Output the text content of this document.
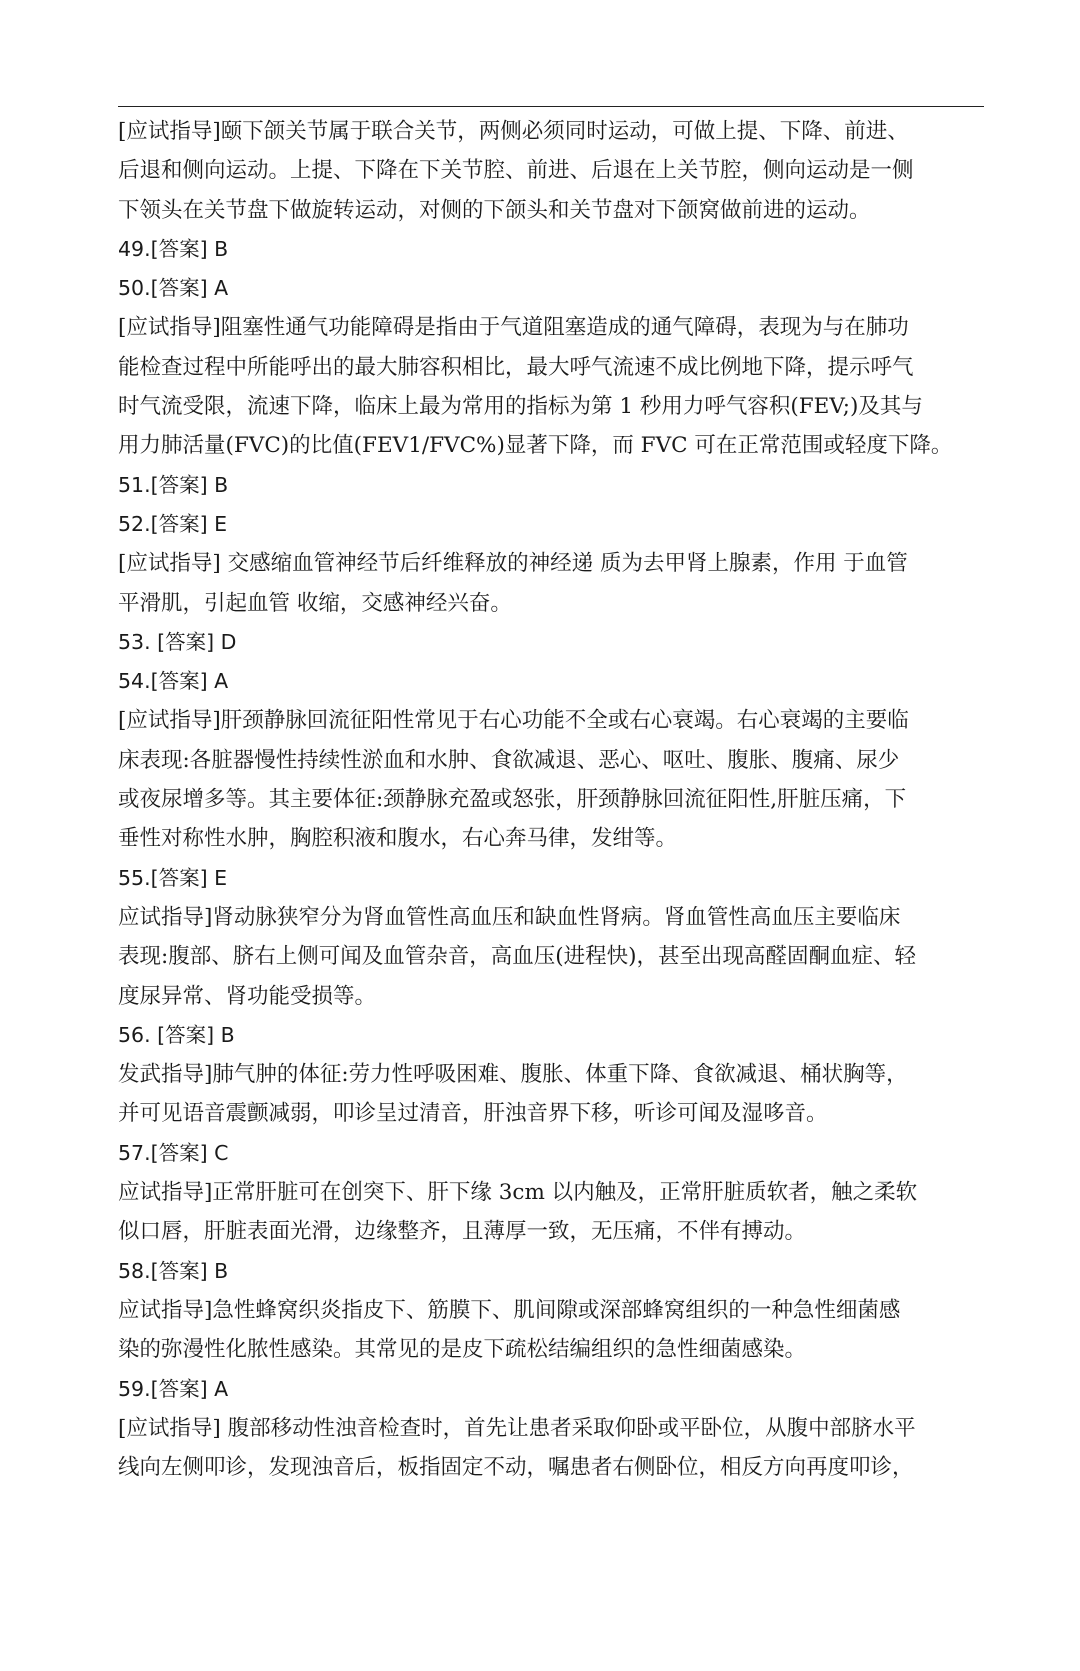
[应试指导]颐下颌关节属于联合关节，两侧必须同时运动，可做上提、下降、前进、
后退和侧向运动。上提、下降在下关节腔、前进、后退在上关节腔，侧向运动是一侧
下领头在关节盘下做旋转运动，对侧的下颌头和关节盘对下颌窝做前进的运动。
49.[答案] B
50.[答案] A
[应试指导]阻塞性通气功能障碍是指由于气道阻塞造成的通气障碍，表现为与在肺功
能检查过程中所能呼出的最大肺容积相比，最大呼气流速不成比例地下降，提示呼气
时气流受限，流速下降，临床上最为常用的指标为第 1 秒用力呼气容积(FEV;)及其与
用力肺活量(FVC)的比值(FEV1/FVC%)显著下降，而 FVC 可在正常范围或轻度下降。
51.[答案] B
52.[答案] E
[应试指导] 交感缩血管神经节后纤维释放的神经递 质为去甲肾上腺素，作用 于血管
平滑肌，引起血管 收缩，交感神经兴奋。
53. [答案] D
54.[答案] A
[应试指导]肝颈静脉回流征阳性常见于右心功能不全或右心衰竭。右心衰竭的主要临
床表现:各脏器慢性持续性淤血和水肿、食欲减退、恶心、呕吐、腹胀、腹痛、尿少
或夜尿增多等。其主要体征:颈静脉充盈或怒张，肝颈静脉回流征阳性,肝脏压痛，下
垂性对称性水肿，胸腔积液和腹水，右心奔马律，发绀等。
55.[答案] E
应试指导]肾动脉狭窄分为肾血管性高血压和缺血性肾病。肾血管性高血压主要临床
表现:腹部、脐右上侧可闻及血管杂音，高血压(进程快)，甚至出现高醛固酮血症、轻
度尿异常、肾功能受损等。
56. [答案] B
发武指导]肺气肿的体征:劳力性呼吸困难、腹胀、体重下降、食欲减退、桶状胸等，
并可见语音震颤减弱，叩诊呈过清音，肝浊音界下移，听诊可闻及湿哆音。
57.[答案] C
应试指导]正常肝脏可在创突下、肝下缘 3cm 以内触及，正常肝脏质软者，触之柔软
似口唇，肝脏表面光滑，边缘整齐，且薄厚一致，无压痛，不伴有搏动。
58.[答案] B
应试指导]急性蜂窝织炎指皮下、筋膜下、肌间隙或深部蜂窝组织的一种急性细菌感
染的弥漫性化脓性感染。其常见的是皮下疏松结编组织的急性细菌感染。
59.[答案] A
[应试指导] 腹部移动性浊音检查时，首先让患者采取仰卧或平卧位，从腹中部脐水平
线向左侧叩诊，发现浊音后，板指固定不动，嘱患者右侧卧位，相反方向再度叩诊，
